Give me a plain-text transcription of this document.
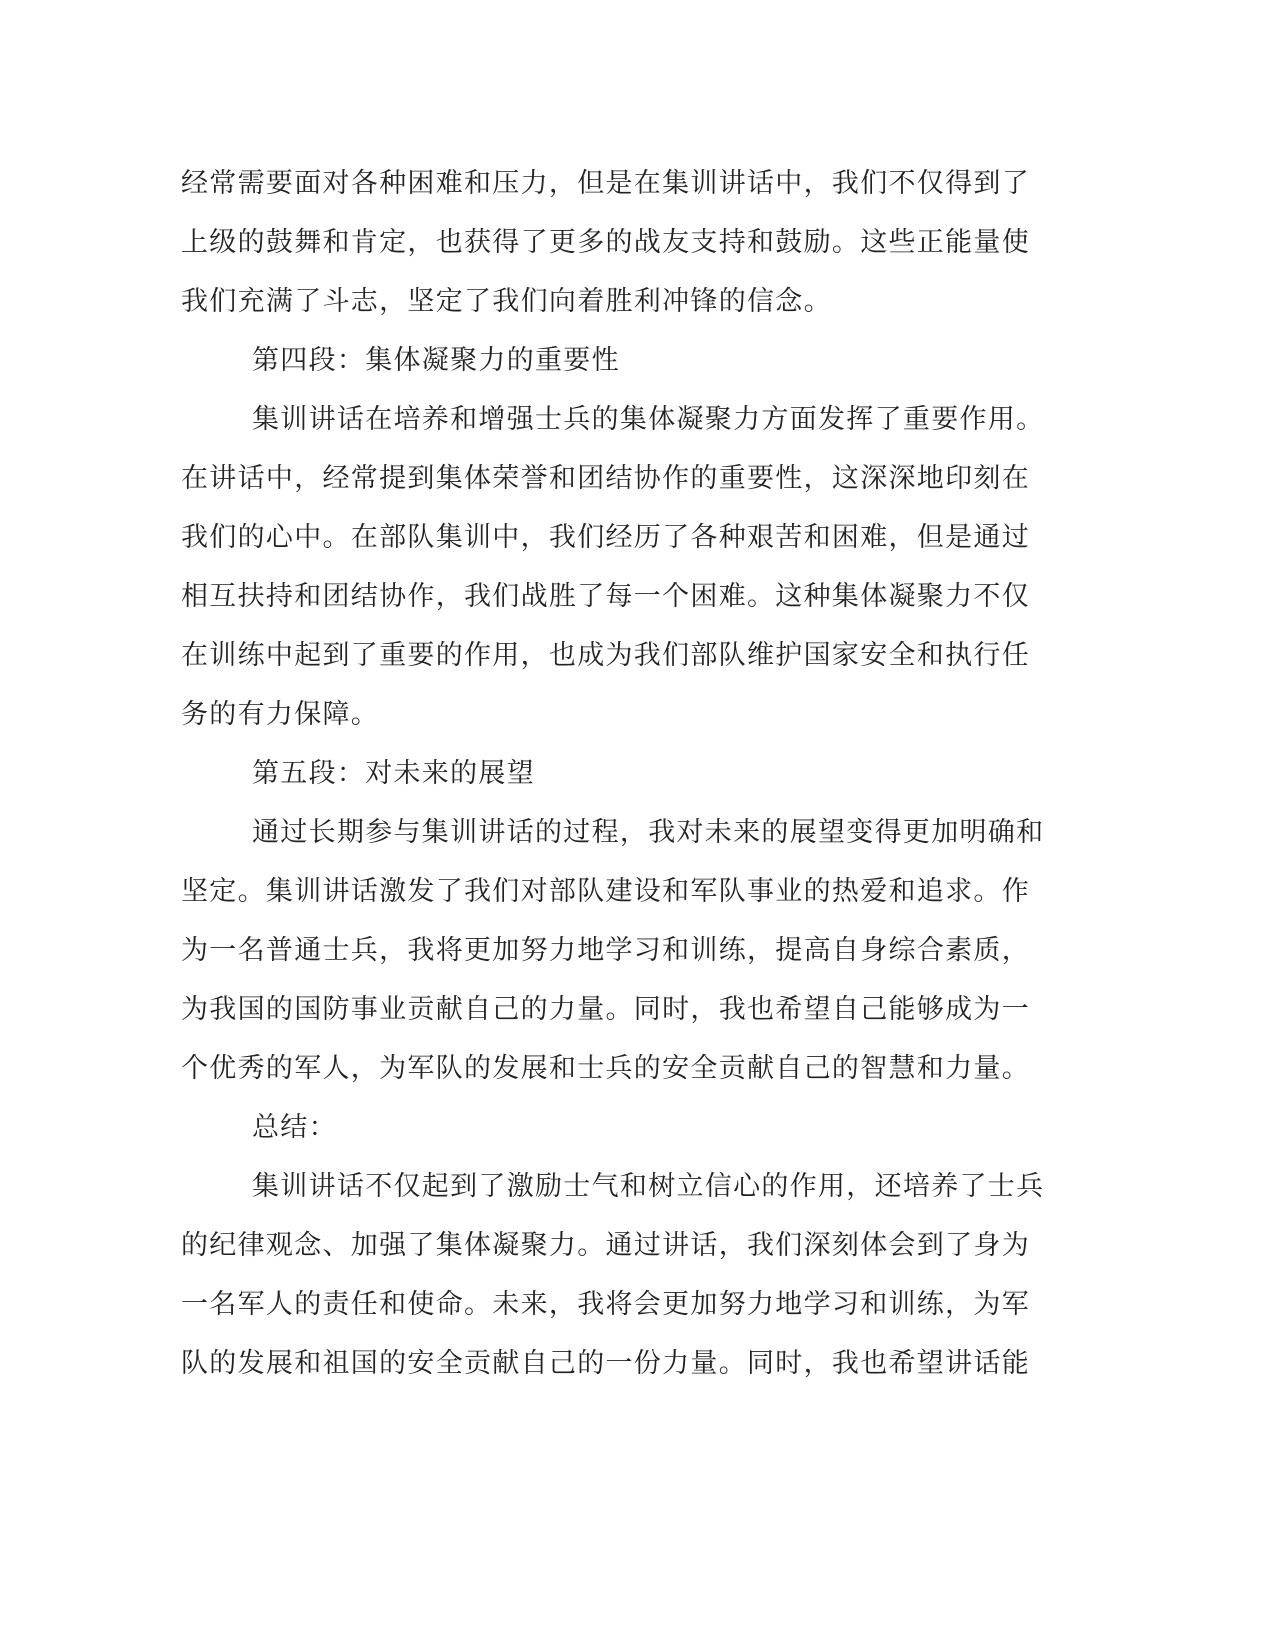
经常需要面对各种困难和压力，但是在集训讲话中，我们不仅得到了
上级的鼓舞和肯定，也获得了更多的战友支持和鼓励。这些正能量使
我们充满了斗志，坚定了我们向着胜利冲锋的信念。
第四段：集体凝聚力的重要性
集训讲话在培养和增强士兵的集体凝聚力方面发挥了重要作用。
在讲话中，经常提到集体荣誉和团结协作的重要性，这深深地印刻在
我们的心中。在部队集训中，我们经历了各种艰苦和困难，但是通过
相互扶持和团结协作，我们战胜了每一个困难。这种集体凝聚力不仅
在训练中起到了重要的作用，也成为我们部队维护国家安全和执行任
务的有力保障。
第五段：对未来的展望
通过长期参与集训讲话的过程，我对未来的展望变得更加明确和
坚定。集训讲话激发了我们对部队建设和军队事业的热爱和追求。作
为一名普通士兵，我将更加努力地学习和训练，提高自身综合素质，
为我国的国防事业贡献自己的力量。同时，我也希望自己能够成为一
个优秀的军人，为军队的发展和士兵的安全贡献自己的智慧和力量。
总结：
集训讲话不仅起到了激励士气和树立信心的作用，还培养了士兵
的纪律观念、加强了集体凝聚力。通过讲话，我们深刻体会到了身为
一名军人的责任和使命。未来，我将会更加努力地学习和训练，为军
队的发展和祖国的安全贡献自己的一份力量。同时，我也希望讲话能
